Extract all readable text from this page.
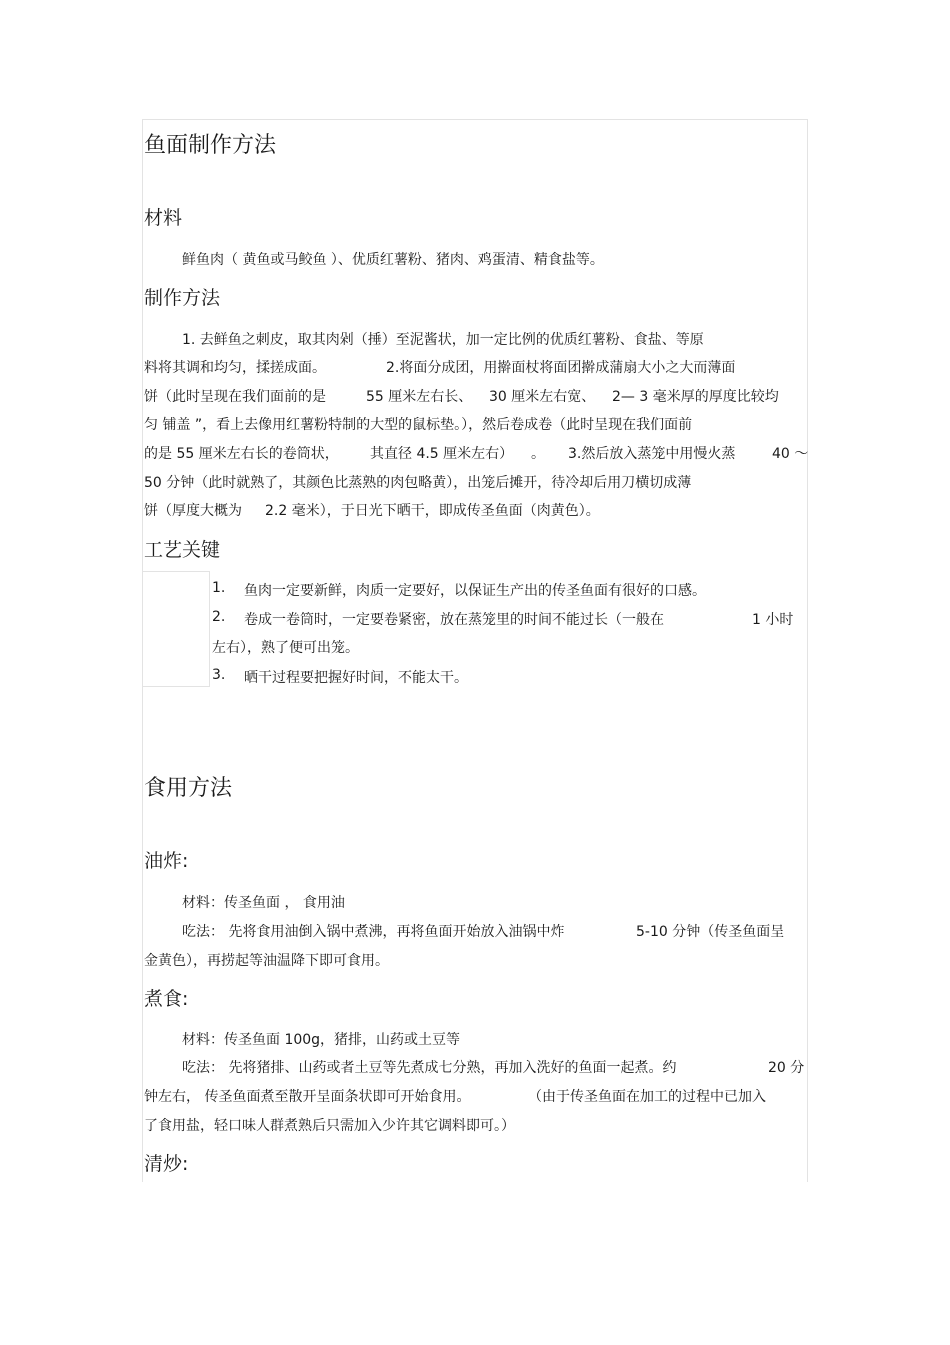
鱼面制作方法
材料
鲜鱼肉（ 黄鱼或马鲛鱼 ）、优质红薯粉、猪肉、鸡蛋清、精食盐等。
制作方法
1. 去鲜鱼之刺皮，取其肉剁（捶）至泥酱状，加一定比例的优质红薯粉、食盐、等原
料将其调和均匀，揉搓成面。	2.将面分成团，用擀面杖将面团擀成蒲扇大小之大而薄面
饼（此时呈现在我们面前的是	55 厘米左右长、 30 厘米左右宽、 2— 3 毫米厚的厚度比较均
匀 铺盖 ”，看上去像用红薯粉特制的大型的鼠标垫。），然后卷成卷（此时呈现在我们面前
的是 55 厘米左右长的卷筒状， 其直径 4.5 厘米左右） 。 3.然后放入蒸笼中用慢火蒸	40 ～
50 分钟（此时就熟了，其颜色比蒸熟的肉包略黄），出笼后摊开，待冷却后用刀横切成薄
饼（厚度大概为 2.2 毫米），于日光下晒干，即成传圣鱼面（肉黄色）。
工艺关键
1. 鱼肉一定要新鲜，肉质一定要好，以保证生产出的传圣鱼面有很好的口感。
2. 卷成一卷筒时，一定要卷紧密，放在蒸笼里的时间不能过长（一般在	1 小时
左右），熟了便可出笼。
3. 晒干过程要把握好时间，不能太干。
食用方法
油炸:
材料：传圣鱼面 ， 食用油
吃法： 先将食用油倒入锅中煮沸，再将鱼面开始放入油锅中炸	5-10 分钟（传圣鱼面呈
金黄色），再捞起等油温降下即可食用。
煮食:
材料：传圣鱼面 100g，猪排，山药或土豆等
吃法： 先将猪排、山药或者土豆等先煮成七分熟，再加入洗好的鱼面一起煮。约	20 分
钟左右， 传圣鱼面煮至散开呈面条状即可开始食用。	（由于传圣鱼面在加工的过程中已加入
了食用盐，轻口味人群煮熟后只需加入少许其它调料即可。）
清炒:
